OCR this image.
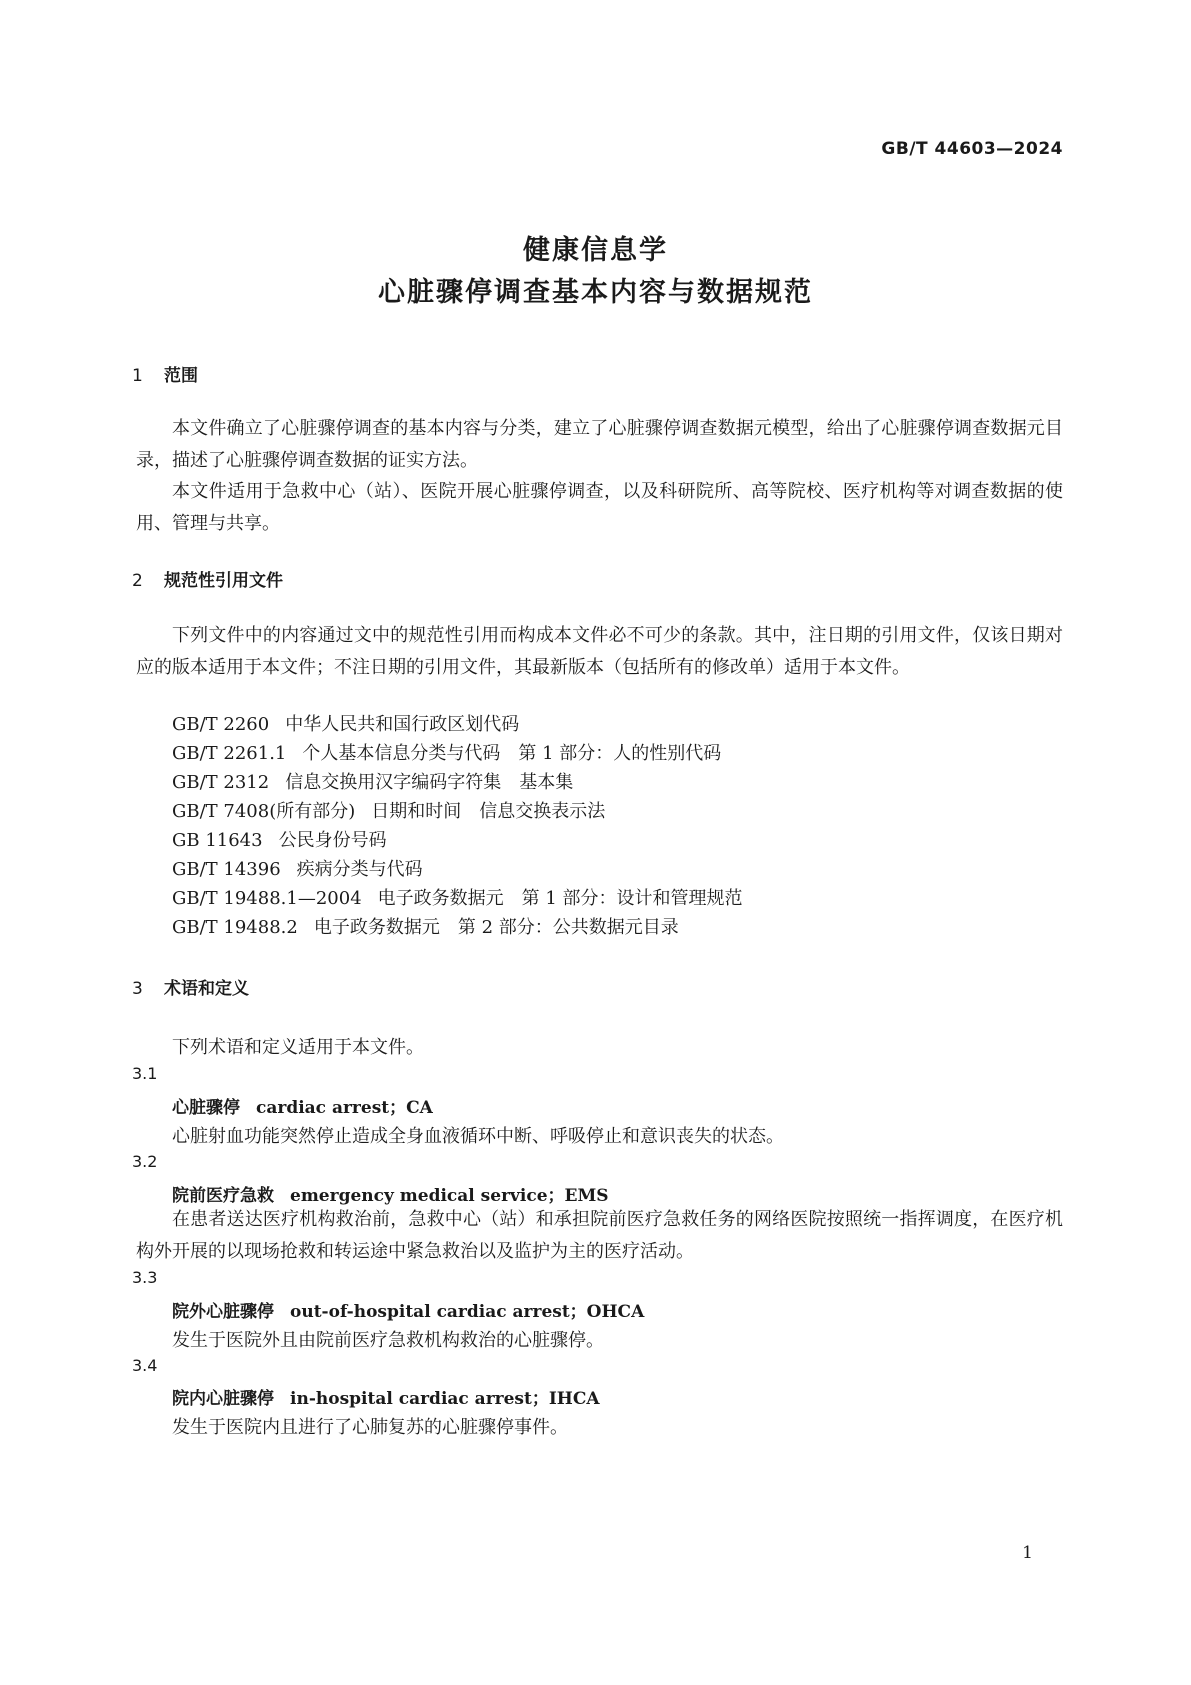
GB/T 44603—2024
健康信息学
心脏骤停调查基本内容与数据规范
1 范围
本文件确立了心脏骤停调查的基本内容与分类，建立了心脏骤停调查数据元模型，给出了心脏骤停调查数据元目录，描述了心脏骤停调查数据的证实方法。
本文件适用于急救中心（站）、医院开展心脏骤停调查，以及科研院所、高等院校、医疗机构等对调查数据的使用、管理与共享。
2 规范性引用文件
下列文件中的内容通过文中的规范性引用而构成本文件必不可少的条款。其中，注日期的引用文件，仅该日期对应的版本适用于本文件；不注日期的引用文件，其最新版本（包括所有的修改单）适用于本文件。
GB/T 2260 中华人民共和国行政区划代码
GB/T 2261.1 个人基本信息分类与代码　第 1 部分：人的性别代码
GB/T 2312 信息交换用汉字编码字符集　基本集
GB/T 7408(所有部分) 日期和时间　信息交换表示法
GB 11643 公民身份号码
GB/T 14396 疾病分类与代码
GB/T 19488.1—2004 电子政务数据元　第 1 部分：设计和管理规范
GB/T 19488.2 电子政务数据元　第 2 部分：公共数据元目录
3 术语和定义
下列术语和定义适用于本文件。
3.1
心脏骤停 cardiac arrest；CA
心脏射血功能突然停止造成全身血液循环中断、呼吸停止和意识丧失的状态。
3.2
院前医疗急救 emergency medical service；EMS
在患者送达医疗机构救治前，急救中心（站）和承担院前医疗急救任务的网络医院按照统一指挥调度，在医疗机构外开展的以现场抢救和转运途中紧急救治以及监护为主的医疗活动。
3.3
院外心脏骤停 out-of-hospital cardiac arrest；OHCA
发生于医院外且由院前医疗急救机构救治的心脏骤停。
3.4
院内心脏骤停 in-hospital cardiac arrest；IHCA
发生于医院内且进行了心肺复苏的心脏骤停事件。
1
